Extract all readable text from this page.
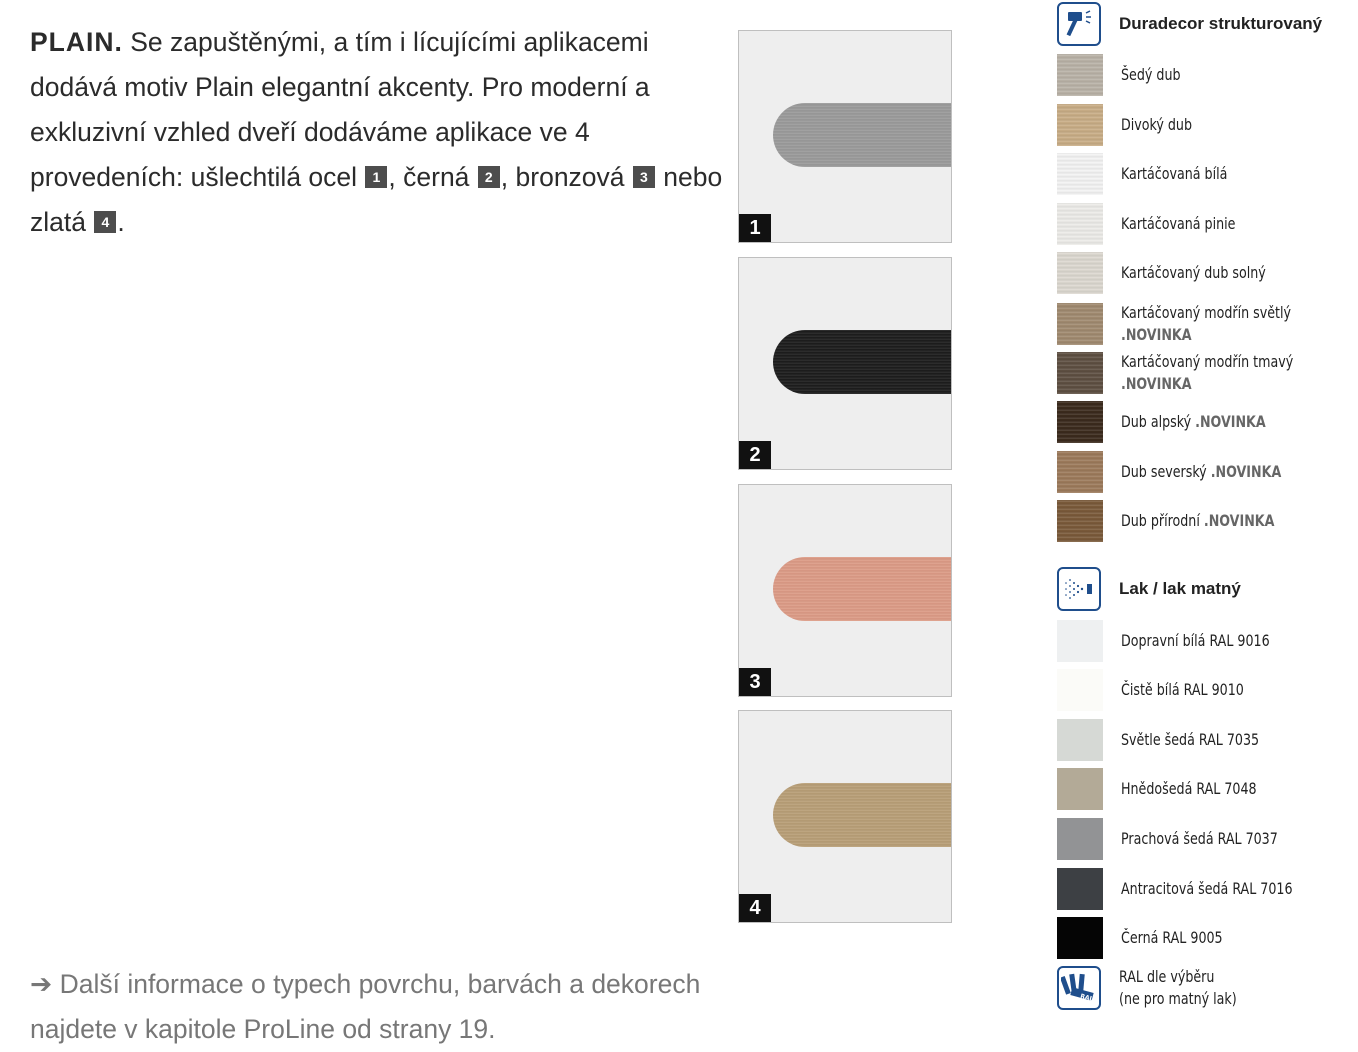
PLAIN. Se zapuštěnými, a tím i lícujícími aplikacemi dodává motiv Plain elegantní akcenty. Pro moderní a exkluzivní vzhled dveří dodáváme aplikace ve 4 provedeních: ušlechtilá ocel 1 , černá 2 , bronzová 3 nebo zlatá 4 .	1
2
3
4
➔ Další informace o typech povrchu, barvách a dekorech najdete v kapitole ProLine od strany 19.
Duradecor strukturovaný
Šedý dub
Divoký dub
Kartáčovaná bílá
Kartáčovaná pinie
Kartáčovaný dub solný
Kartáčovaný modřín světlý
.NOVINKA
Kartáčovaný modřín tmavý
.NOVINKA
Dub alpský .NOVINKA
Dub severský .NOVINKA
Dub přírodní .NOVINKA
Lak / lak matný
Dopravní bílá RAL 9016
Čistě bílá RAL 9010
Světle šedá RAL 7035
Hnědošedá RAL 7048
Prachová šedá RAL 7037
Antracitová šedá RAL 7016
Černá RAL 9005
RAL
RAL dle výběru
(ne pro matný lak)
